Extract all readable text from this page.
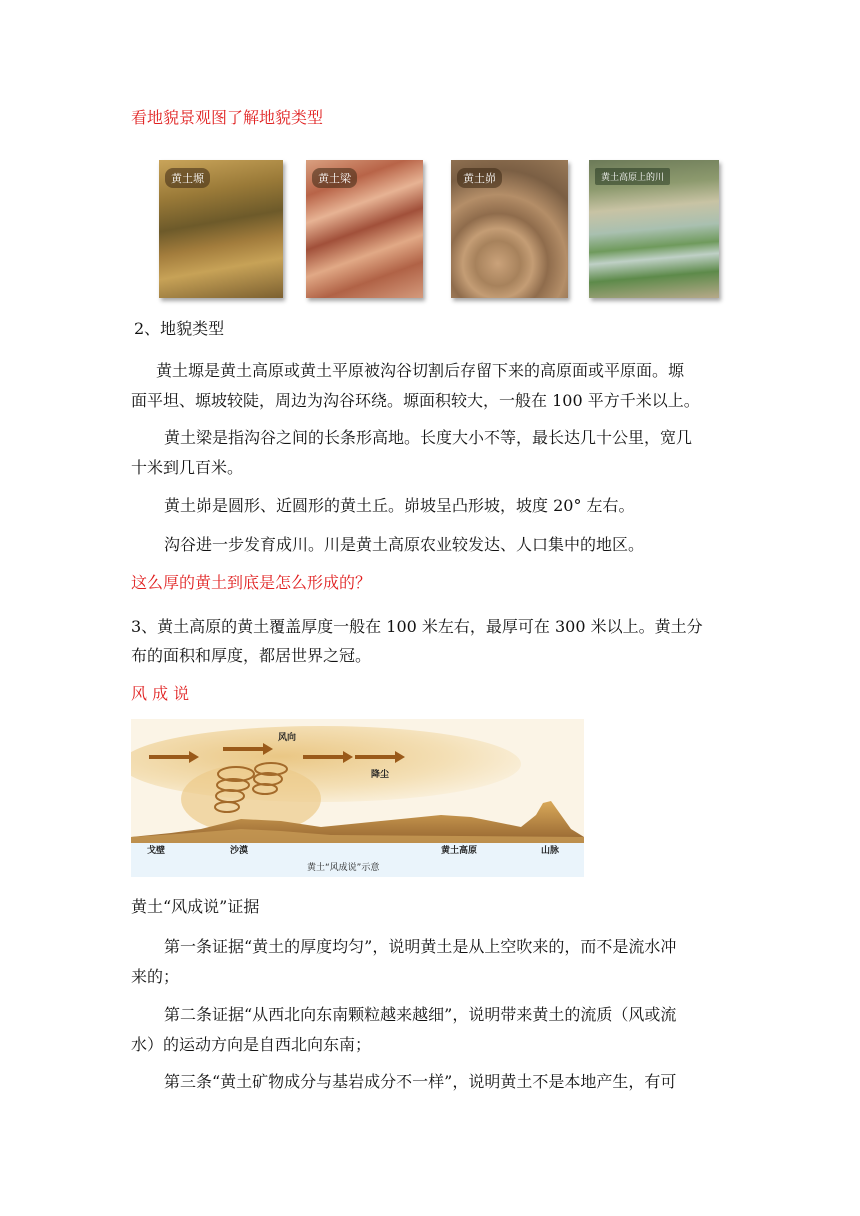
看地貌景观图了解地貌类型
黄土塬	黄土梁	黄土峁	黄土高原上的川
2、地貌类型
黄土塬是黄土高原或黄土平原被沟谷切割后存留下来的高原面或平原面。塬
面平坦、塬坡较陡，周边为沟谷环绕。塬面积较大，一般在 100 平方千米以上。
黄土梁是指沟谷之间的长条形高地。长度大小不等，最长达几十公里，宽几
十米到几百米。
黄土峁是圆形、近圆形的黄土丘。峁坡呈凸形坡，坡度 20° 左右。
沟谷进一步发育成川。川是黄土高原农业较发达、人口集中的地区。
这么厚的黄土到底是怎么形成的？
3、黄土高原的黄土覆盖厚度一般在 100 米左右，最厚可在 300 米以上。黄土分
布的面积和厚度，都居世界之冠。
风 成 说
风向
降尘
戈壁	沙漠	黄土高原	山脉
黄土“风成说”示意
黄土“风成说”证据
第一条证据“黄土的厚度均匀”，说明黄土是从上空吹来的，而不是流水冲
来的；
第二条证据“从西北向东南颗粒越来越细”，说明带来黄土的流质（风或流
水）的运动方向是自西北向东南；
第三条“黄土矿物成分与基岩成分不一样”，说明黄土不是本地产生，有可
